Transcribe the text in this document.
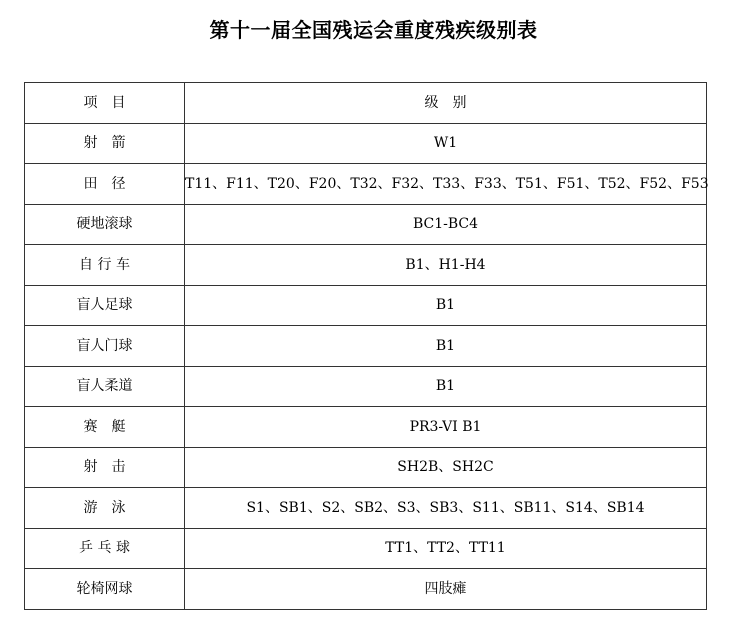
第十一届全国残运会重度残疾级别表
项　目	级　别
射　箭	W1
田　径	T11、F11、T20、F20、T32、F32、T33、F33、T51、F51、T52、F52、F53
硬地滚球	BC1-BC4
自 行 车	B1、H1-H4
盲人足球	B1
盲人门球	B1
盲人柔道	B1
赛　艇	PR3-VI B1
射　击	SH2B、SH2C
游　泳	S1、SB1、S2、SB2、S3、SB3、S11、SB11、S14、SB14
乒 乓 球	TT1、TT2、TT11
轮椅网球	四肢瘫
